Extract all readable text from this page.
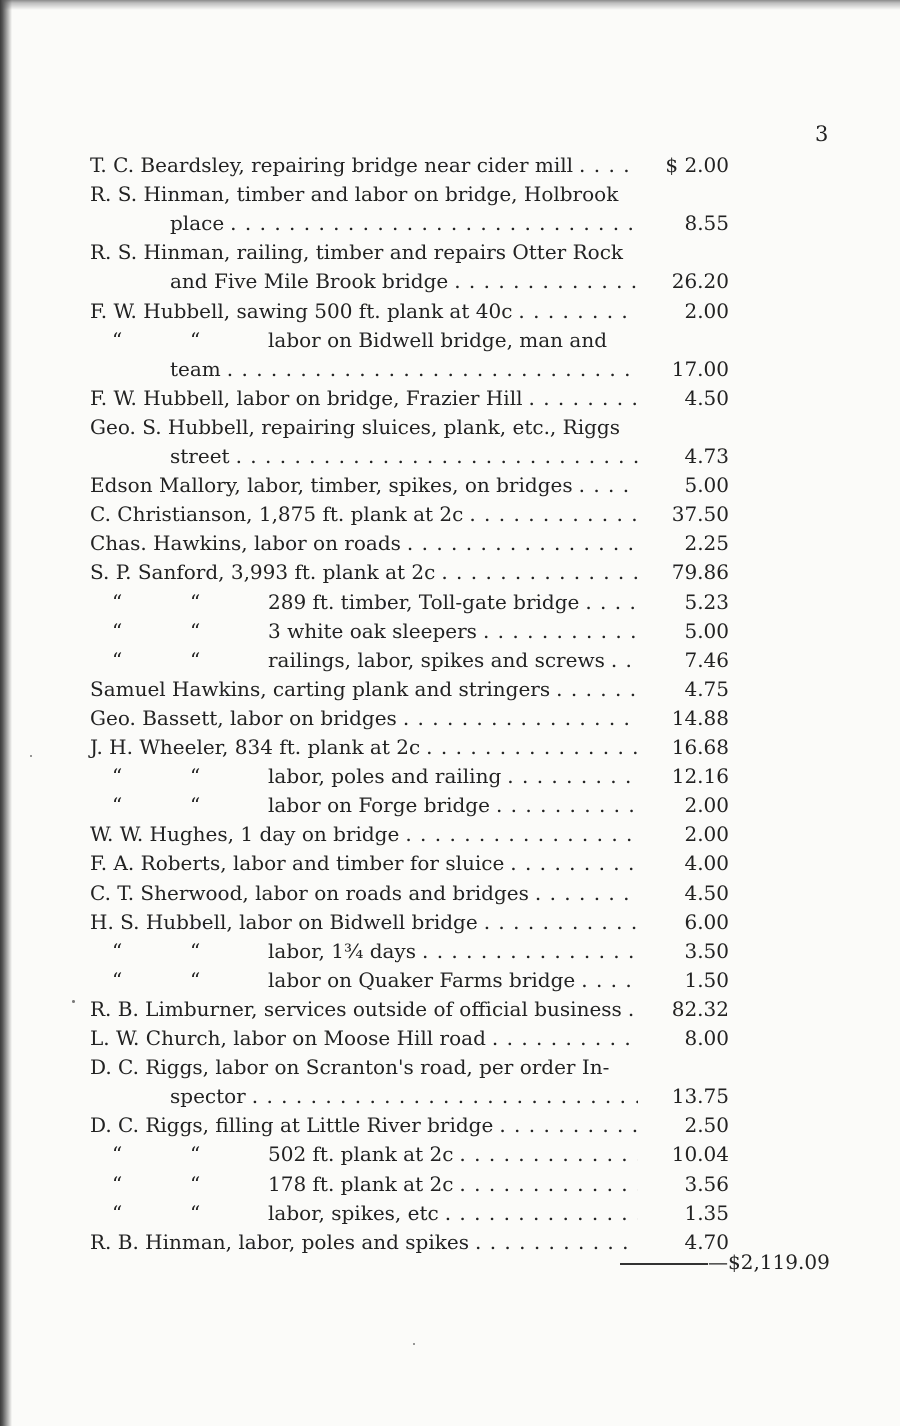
3
T. C. Beardsley, repairing bridge near cider mill . . .	$ 2.00
R. S. Hinman, timber and labor on bridge, Holbrook
place . . .	8.55
R. S. Hinman, railing, timber and repairs Otter Rock
and Five Mile Brook bridge . . .	26.20
F. W. Hubbell, sawing 500 ft. plank at 40c . . .	2.00
“	“	labor on Bidwell bridge, man and
team . . .	17.00
F. W. Hubbell, labor on bridge, Frazier Hill . . .	4.50
Geo. S. Hubbell, repairing sluices, plank, etc., Riggs
street . . .	4.73
Edson Mallory, labor, timber, spikes, on bridges . . .	5.00
C. Christianson, 1,875 ft. plank at 2c . . .	37.50
Chas. Hawkins, labor on roads . . .	2.25
S. P. Sanford, 3,993 ft. plank at 2c . . .	79.86
“	“	289 ft. timber, Toll-gate bridge . . .	5.23
“	“	3 white oak sleepers . . .	5.00
“	“	railings, labor, spikes and screws . . .	7.46
Samuel Hawkins, carting plank and stringers . . .	4.75
Geo. Bassett, labor on bridges . . .	14.88
J. H. Wheeler, 834 ft. plank at 2c . . .	16.68
“	“	labor, poles and railing . . .	12.16
“	“	labor on Forge bridge . . .	2.00
W. W. Hughes, 1 day on bridge . . .	2.00
F. A. Roberts, labor and timber for sluice . . .	4.00
C. T. Sherwood, labor on roads and bridges . . .	4.50
H. S. Hubbell, labor on Bidwell bridge . . .	6.00
“	“	labor, 1¾ days . . .	3.50
“	“	labor on Quaker Farms bridge . . .	1.50
R. B. Limburner, services outside of official business . . .	82.32
L. W. Church, labor on Moose Hill road . . .	8.00
D. C. Riggs, labor on Scranton's road, per order In-
spector . . .	13.75
D. C. Riggs, filling at Little River bridge . . .	2.50
“	“	502 ft. plank at 2c . . .	10.04
“	“	178 ft. plank at 2c . . .	3.56
“	“	labor, spikes, etc . . .	1.35
R. B. Hinman, labor, poles and spikes . . .	4.70
—$2,119.09
